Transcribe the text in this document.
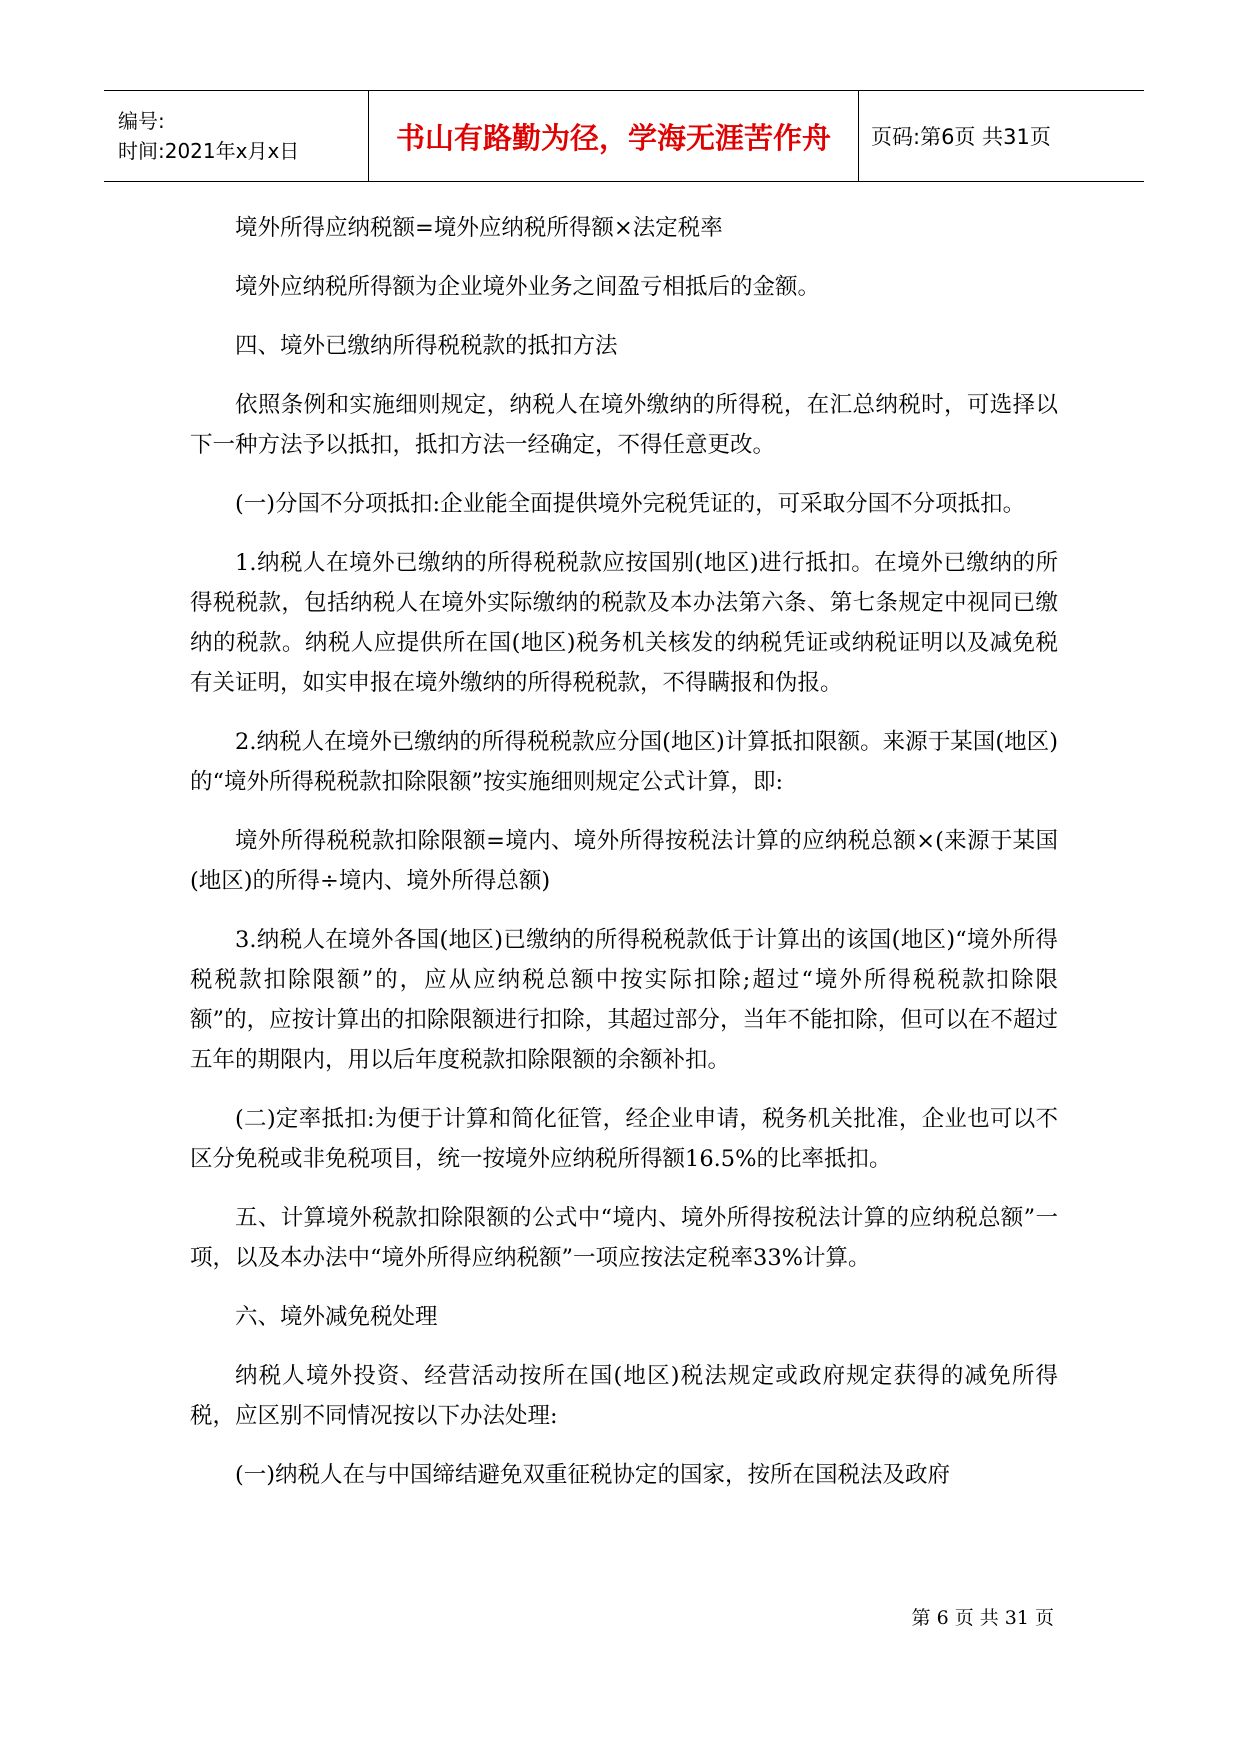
编号:
时间:2021年x月x日	书山有路勤为径，学海无涯苦作舟 页码:第6页 共31页

境外所得应纳税额=境外应纳税所得额×法定税率

境外应纳税所得额为企业境外业务之间盈亏相抵后的金额。

四、境外已缴纳所得税税款的抵扣方法

依照条例和实施细则规定，纳税人在境外缴纳的所得税，在汇总纳税时，可选择以下一种方法予以抵扣，抵扣方法一经确定，不得任意更改。

(一)分国不分项抵扣:企业能全面提供境外完税凭证的，可采取分国不分项抵扣。

1.纳税人在境外已缴纳的所得税税款应按国别(地区)进行抵扣。在境外已缴纳的所得税税款，包括纳税人在境外实际缴纳的税款及本办法第六条、第七条规定中视同已缴纳的税款。纳税人应提供所在国(地区)税务机关核发的纳税凭证或纳税证明以及减免税有关证明，如实申报在境外缴纳的所得税税款，不得瞒报和伪报。

2.纳税人在境外已缴纳的所得税税款应分国(地区)计算抵扣限额。来源于某国(地区)的“境外所得税税款扣除限额”按实施细则规定公式计算，即:

境外所得税税款扣除限额=境内、境外所得按税法计算的应纳税总额×(来源于某国(地区)的所得÷境内、境外所得总额)

3.纳税人在境外各国(地区)已缴纳的所得税税款低于计算出的该国(地区)“境外所得税税款扣除限额”的，应从应纳税总额中按实际扣除;超过“境外所得税税款扣除限额”的，应按计算出的扣除限额进行扣除，其超过部分，当年不能扣除，但可以在不超过五年的期限内，用以后年度税款扣除限额的余额补扣。

(二)定率抵扣:为便于计算和简化征管，经企业申请，税务机关批准，企业也可以不区分免税或非免税项目，统一按境外应纳税所得额16.5%的比率抵扣。

五、计算境外税款扣除限额的公式中“境内、境外所得按税法计算的应纳税总额”一项，以及本办法中“境外所得应纳税额”一项应按法定税率33%计算。

六、境外减免税处理

纳税人境外投资、经营活动按所在国(地区)税法规定或政府规定获得的减免所得税，应区别不同情况按以下办法处理:

(一)纳税人在与中国缔结避免双重征税协定的国家，按所在国税法及政府

第 6 页 共 31 页
